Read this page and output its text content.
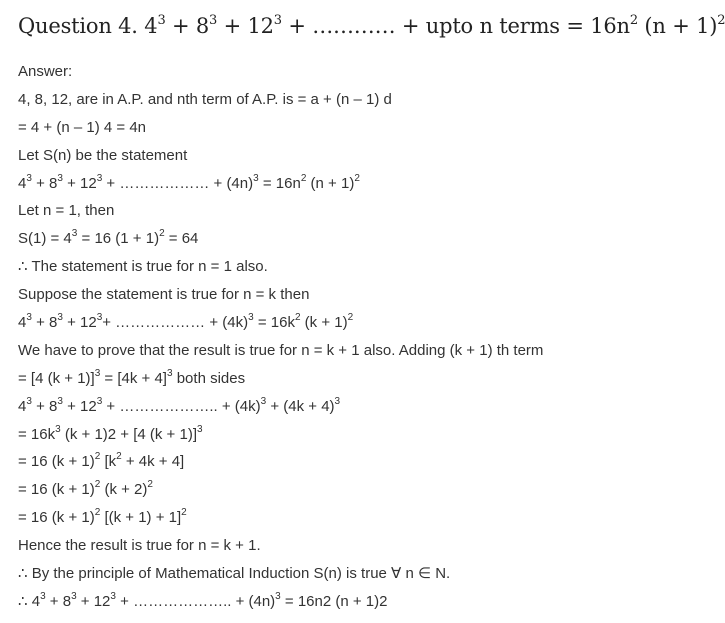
Question 4. $4^3 + 8^3 + 12^3$ + ………… + upto n terms = $16n^2$ $(n + 1)^2$
Answer:
4, 8, 12, are in A.P. and nth term of A.P. is = a + (n – 1) d
= 4 + (n – 1) 4 = 4n
Let S(n) be the statement
$4^3 + 8^3 + 12^3$ + ……………… + $(4n)^3 = 16n^2$ $(n + 1)^2$
Let n = 1, then
$S(1) = 4^3 = 16$ $(1 + 1)^2 = 64$
∴ The statement is true for n = 1 also.
Suppose the statement is true for n = k then
$4^3 + 8^3 + 12^3+$ ……………… + $(4k)^3 = 16k^2$ $(k + 1)^2$
We have to prove that the result is true for n = k + 1 also. Adding (k + 1) th term
= [4 $(k + 1)]^3 = [4k + 4]^3$ both sides
$4^3 + 8^3 + 12^3$ + ……………….. + $(4k)^3 + (4k + 4)^3$
= $16k^3$ (k + 1)2 + [4 (k + 1)]$^3$
= 16 $(k + 1)^2$ $[k^2 + 4k + 4]$
= 16 $(k + 1)^2$ $(k + 2)^2$
= 16 $(k + 1)^2$ $[(k + 1) + 1]^2$
Hence the result is true for n = k + 1.
∴ By the principle of Mathematical Induction S(n) is true ∀ n ∈ N.
∴ $4^3 + 8^3 + 12^3$ + ……………….. + $(4n)^3 = 16n2$ (n + 1)2
